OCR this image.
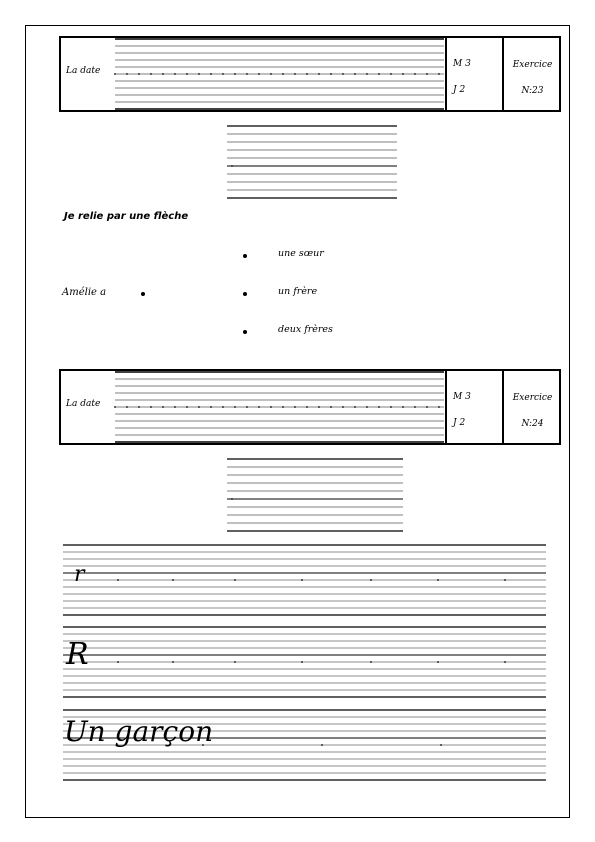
La date
M 3
J 2
Exercice
N:23
La date
M 3
J 2
Exercice
N:24
Je relie par une flèche
Amélie a
une sœur
un frère
deux frères
r
R
Un garçon
